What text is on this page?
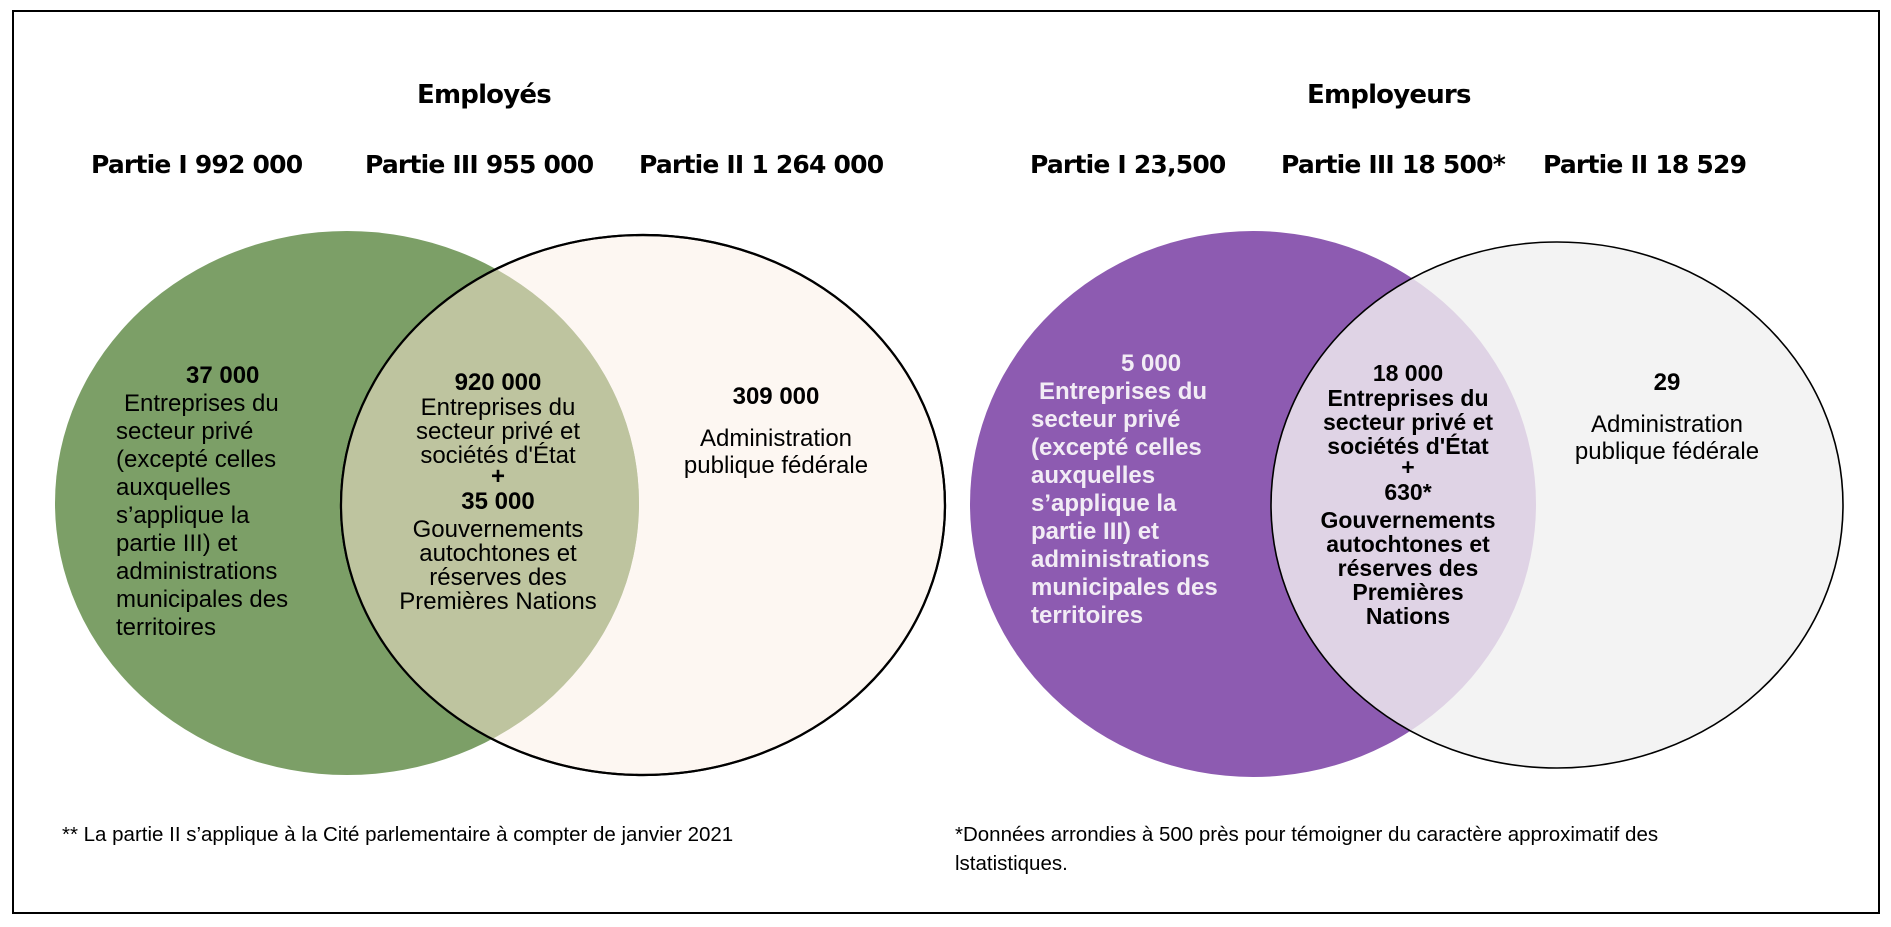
Employés
Partie I 992 000	Partie III 955 000 Partie II 1 264 000
Employeurs
Partie I 23,500 Partie III 18 500* Partie II 18 529
37 000
Entreprises du
secteur privé
(excepté celles
auxquelles
s’applique la
partie III) et
administrations
municipales des
territoires
920 000
Entreprises du
secteur privé et
sociétés d'État
+
35 000
Gouvernements
autochtones et
réserves des
Premières Nations
309 000
Administration
publique fédérale
5 000
Entreprises du
secteur privé
(excepté celles
auxquelles
s’applique la
partie III) et
administrations
municipales des
territoires
18 000
Entreprises du
secteur privé et
sociétés d'État
+
630*
Gouvernements
autochtones et
réserves des
Premières
Nations
29
Administration
publique fédérale
** La partie II s’applique à la Cité parlementaire à compter de janvier 2021	*Données arrondies à 500 près pour témoigner du caractère approximatif des
lstatistiques.
